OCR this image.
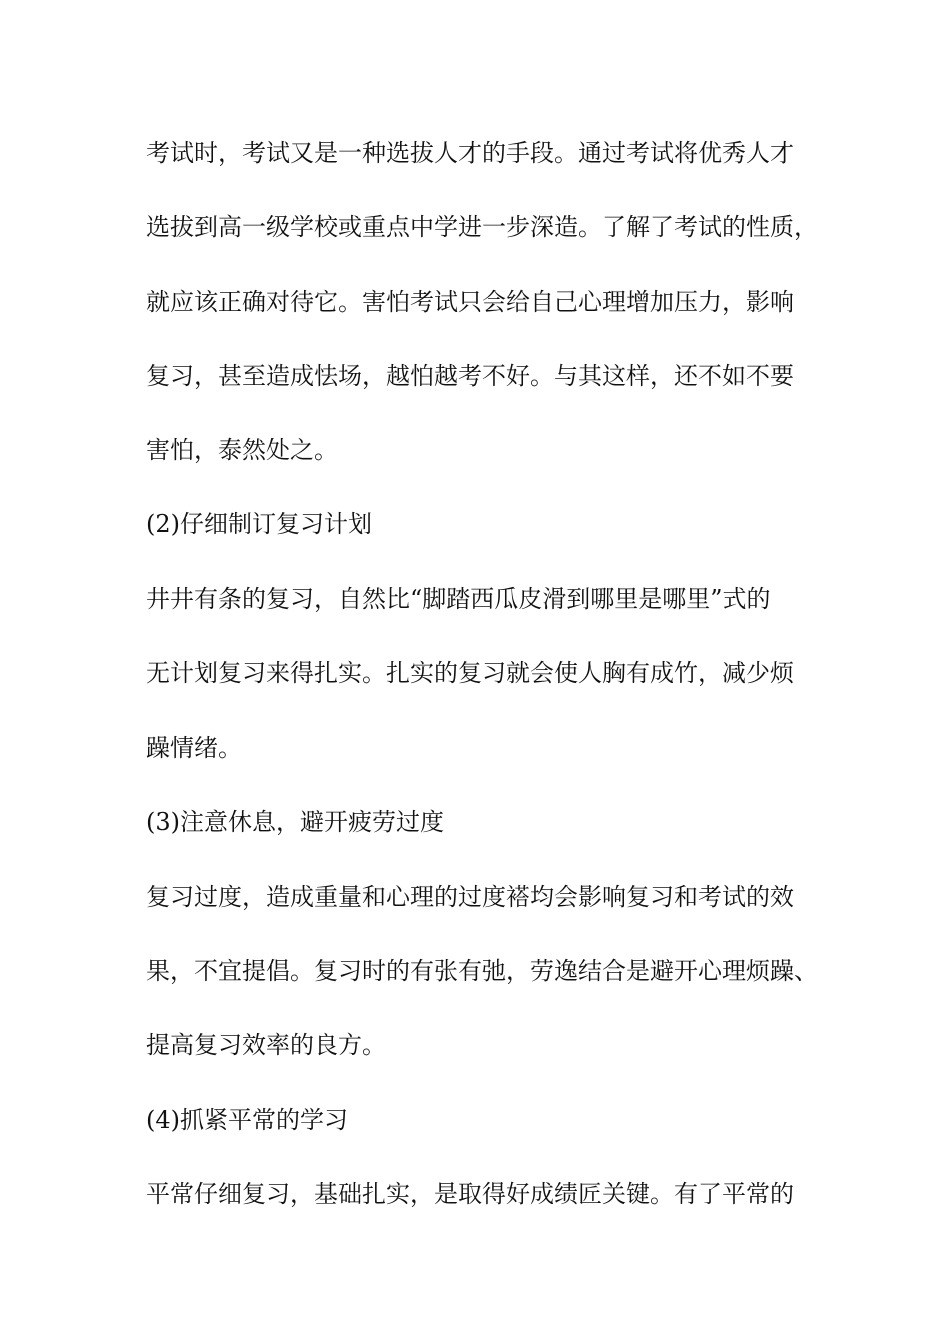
考试时，考试又是一种选拔人才的手段。通过考试将优秀人才
选拔到高一级学校或重点中学进一步深造。了解了考试的性质，
就应该正确对待它。害怕考试只会给自己心理增加压力，影响
复习，甚至造成怯场，越怕越考不好。与其这样，还不如不要
害怕，泰然处之。
(2)仔细制订复习计划
井井有条的复习，自然比“脚踏西瓜皮滑到哪里是哪里”式的
无计划复习来得扎实。扎实的复习就会使人胸有成竹，减少烦
躁情绪。
(3)注意休息，避开疲劳过度
复习过度，造成重量和心理的过度褡均会影响复习和考试的效
果，不宜提倡。复习时的有张有弛，劳逸结合是避开心理烦躁、
提高复习效率的良方。
(4)抓紧平常的学习
平常仔细复习，基础扎实，是取得好成绩匠关键。有了平常的
